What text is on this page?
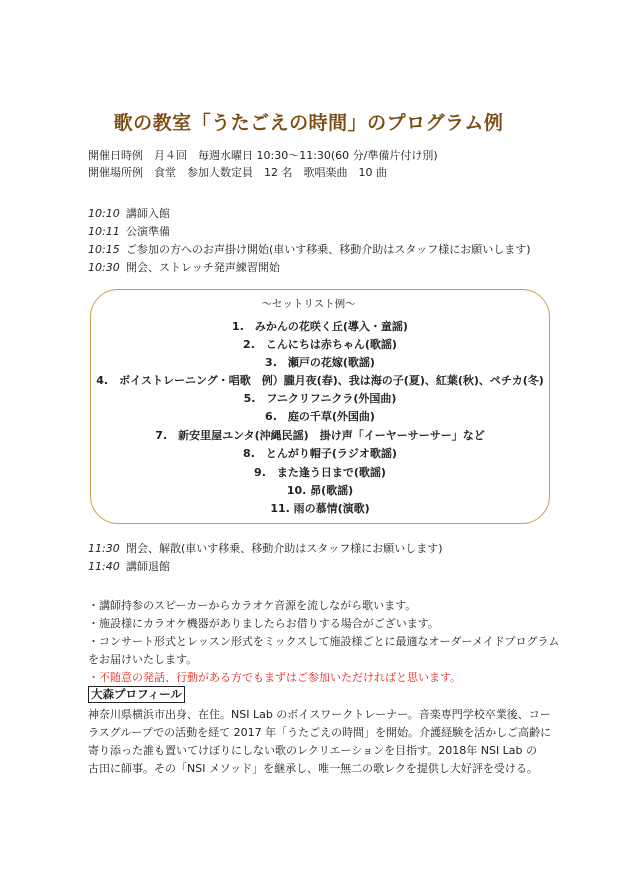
歌の教室「うたごえの時間」のプログラム例
開催日時例　月４回　毎週水曜日 10:30～11:30(60 分/準備片付け別)
開催場所例　食堂　参加人数定員　12 名　歌唱楽曲　10 曲
10:10 講師入館
10:11 公演準備
10:15 ご参加の方へのお声掛け開始(車いす移乗、移動介助はスタッフ様にお願いします)
10:30 開会、ストレッチ発声練習開始
～セットリスト例～
1.　みかんの花咲く丘(導入・童謡)
2.　こんにちは赤ちゃん(歌謡)
3.　瀬戸の花嫁(歌謡)
4.　ボイストレーニング・唱歌　例）朧月夜(春)、我は海の子(夏)、紅葉(秋)、ペチカ(冬)
5.　フニクリフニクラ(外国曲)
6.　庭の千草(外国曲)
7.　新安里屋ユンタ(沖縄民謡)　掛け声「イーヤーサーサー」など
8.　とんがり帽子(ラジオ歌謡)
9.　また逢う日まで(歌謡)
10. 昴(歌謡)
11. 雨の慕情(演歌)
11:30 閉会、解散(車いす移乗、移動介助はスタッフ様にお願いします)
11:40 講師退館
・講師持参のスピーカーからカラオケ音源を流しながら歌います。
・施設様にカラオケ機器がありましたらお借りする場合がございます。
・コンサート形式とレッスン形式をミックスして施設様ごとに最適なオーダーメイドプログラム
をお届けいたします。
・不随意の発話、行動がある方でもまずはご参加いただければと思います。
大森プロフィール
神奈川県横浜市出身、在住。NSI Lab のボイスワークトレーナー。音楽専門学校卒業後、コー
ラスグループでの活動を経て 2017 年「うたごえの時間」を開始。介護経験を活かしご高齢に
寄り添った誰も置いてけぼりにしない歌のレクリエーションを目指す。2018年 NSI Lab の
古田に師事。その「NSI メソッド」を継承し、唯一無二の歌レクを提供し大好評を受ける。
